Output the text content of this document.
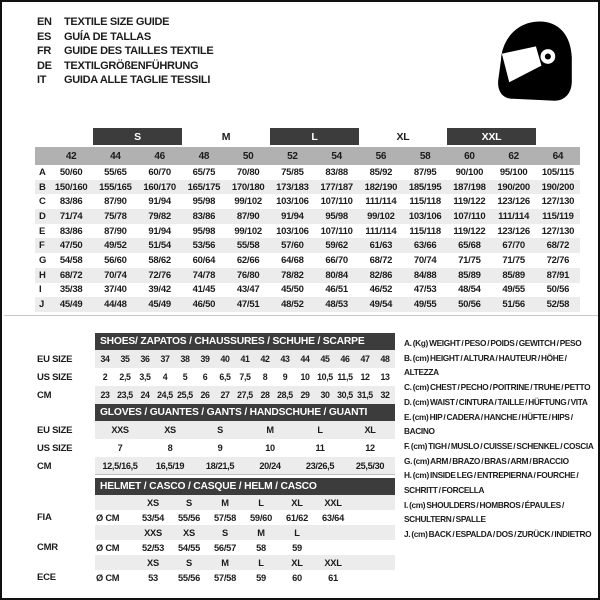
EN TEXTILE SIZE GUIDE
ES GUÍA DE TALLAS
FR GUIDE DES TAILLES TEXTILE
DE TEXTILGRÖßENFÜHRUNG
IT GUIDA ALLE TAGLIE TESSILI
S	M	L	XL	XXL
42	44	46	48	50	52	54	56	58	60	62	64
A	50/60	55/65	60/70	65/75	70/80	75/85	83/88	85/92	87/95	90/100	95/100	105/115
B 150/160	155/165	160/170	165/175	170/180	173/183	177/187	182/190	185/195	187/198	190/200	190/200
C	83/86	87/90	91/94	95/98	99/102	103/106	107/110	111/114	115/118	119/122	123/126	127/130
D	71/74	75/78	79/82	83/86	87/90	91/94	95/98	99/102	103/106	107/110	111/114	115/119
E	83/86	87/90	91/94	95/98	99/102	103/106	107/110	111/114	115/118	119/122	123/126	127/130
F	47/50	49/52	51/54	53/56	55/58	57/60	59/62	61/63	63/66	65/68	67/70	68/72
G	54/58	56/60	58/62	60/64	62/66	64/68	66/70	68/72	70/74	71/75	71/75	72/76
H	68/72	70/74	72/76	74/78	76/80	78/82	80/84	82/86	84/88	85/89	85/89	87/91
I	35/38	37/40	39/42	41/45	43/47	45/50	46/51	46/52	47/53	48/54	49/55	50/56
J	45/49	44/48	45/49	46/50	47/51	48/52	48/53	49/54	49/55	50/56	51/56	52/58
SHOES/ ZAPATOS / CHAUSSURES / SCHUHE / SCARPE
EU SIZE	34	35	36	37	38	39	40	41	42	43	44	45	46	47	48
US SIZE	2	2,5	3,5	4	5	6	6,5	7,5	8	9	10 10,5 11,5 12	13
CM	23 23,5 24 24,5 25,5 26	27 27,5 28 28,5 29	30 30,5 31,5 32
GLOVES / GUANTES / GANTS / HANDSCHUHE / GUANTI
EU SIZE	XXS	XS	S	M	L	XL
US SIZE	7	8	9	10	11	12
CM	12,5/16,5	16,5/19	18/21,5	20/24	23/26,5	25,5/30
HELMET / CASCO / CASQUE / HELM / CASCO
XS	S	M	L	XL	XXL
FIA	Ø CM	53/54	55/56	57/58	59/60	61/62	63/64
XXS	XS	S	M	L
CMR	Ø CM	52/53	54/55	56/57	58	59
XS	S	M	L	XL	XXL
ECE	Ø CM	53	55/56	57/58	59	60	61
A. (Kg) WEIGHT / PESO / POIDS / GEWITCH / PESO
B. (cm) HEIGHT / ALTURA / HAUTEUR / HÖHE / ALTEZZA
C. (cm) CHEST / PECHO / POITRINE / TRUHE / PETTO
D. (cm) WAIST / CINTURA / TAILLE / HÜFTUNG / VITA
E. (cm) HIP / CADERA / HANCHE / HÜFTE / HIPS / BACINO
F. (cm) TIGH / MUSLO / CUISSE / SCHENKEL / COSCIA
G. (cm) ARM / BRAZO / BRAS / ARM / BRACCIO
H. (cm) INSIDE LEG / ENTREPIERNA / FOURCHE / SCHRITT / FORCELLA
I. (cm) SHOULDERS / HOMBROS / ÉPAULES / SCHULTERN / SPALLE
J. (cm) BACK / ESPALDA / DOS / ZURÜCK / INDIETRO
